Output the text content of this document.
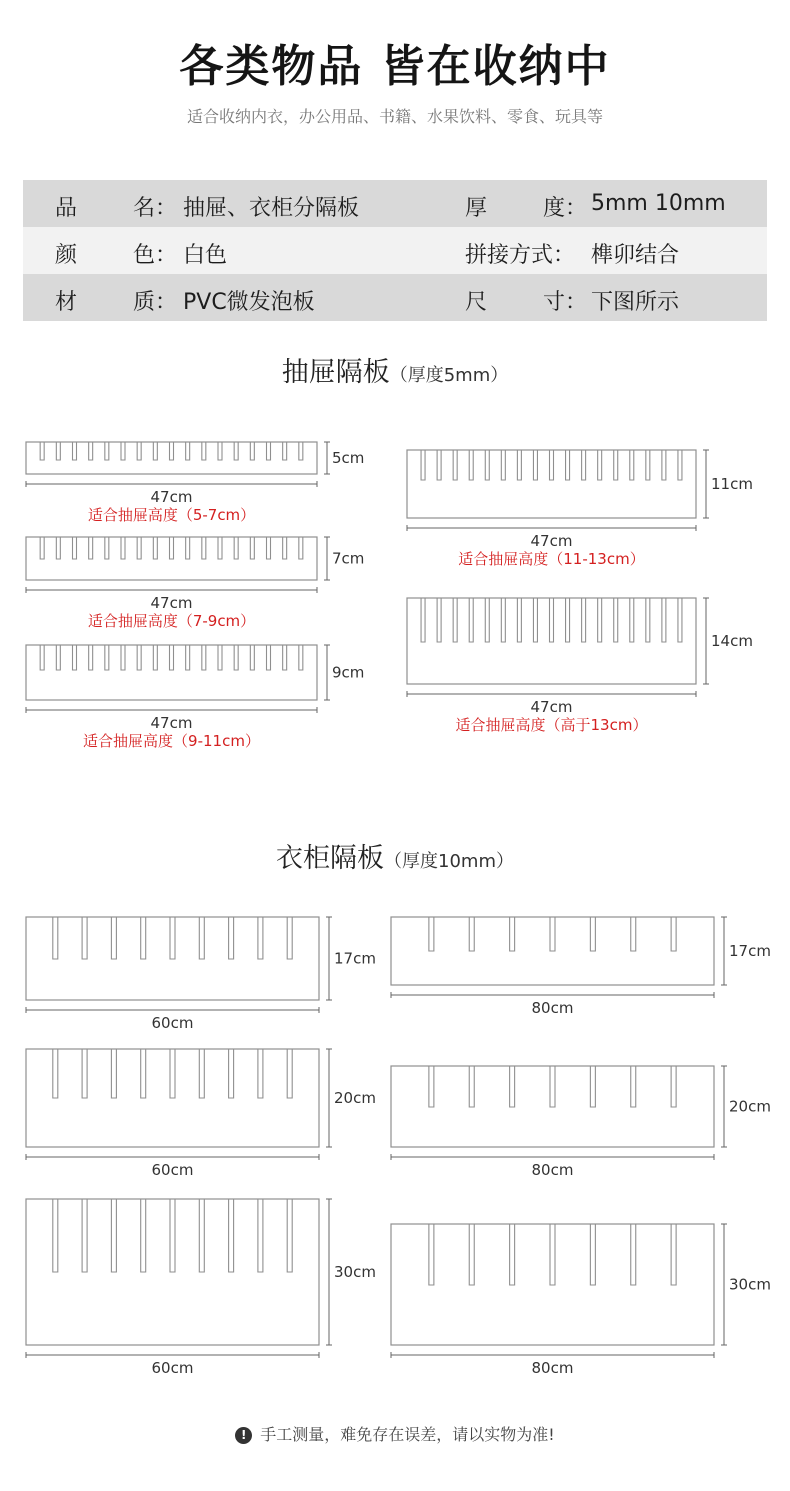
各类物品 皆在收纳中
适合收纳内衣，办公用品、书籍、水果饮料、零食、玩具等
品	名： 抽屉、衣柜分隔板	厚	度： 5mm 10mm
颜	色： 白色	拼接方式： 榫卯结合
材	质： PVC微发泡板	尺	寸： 下图所示
抽屉隔板（厚度5mm）
衣柜隔板（厚度10mm）
47cm
5cm
适合抽屉高度（5-7cm）
47cm
7cm
适合抽屉高度（7-9cm）
47cm
9cm
适合抽屉高度（9-11cm）
47cm
11cm
适合抽屉高度（11-13cm）
47cm
14cm
适合抽屉高度（高于13cm）
60cm
17cm
60cm
20cm
60cm
30cm
80cm
17cm
80cm
20cm
80cm
30cm
! 手工测量，难免存在误差，请以实物为准!
